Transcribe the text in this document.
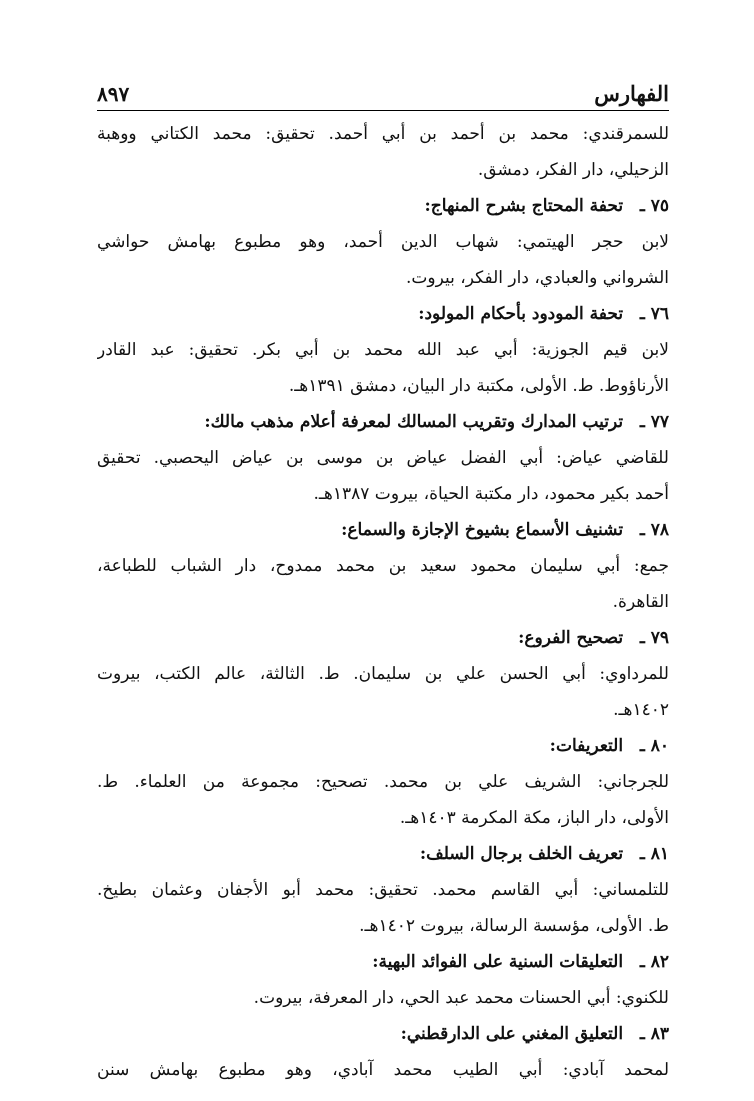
الفهارس
٨٩٧
للسمرقندي: محمد بن أحمد بن أبي أحمد. تحقيق: محمد الكتاني ووهبة
الزحيلي، دار الفكر، دمشق.
٧٥ ـ تحفة المحتاج بشرح المنهاج:
لابن حجر الهيتمي: شهاب الدين أحمد، وهو مطبوع بهامش حواشي
الشرواني والعبادي، دار الفكر، بيروت.
٧٦ ـ تحفة المودود بأحكام المولود:
لابن قيم الجوزية: أبي عبد الله محمد بن أبي بكر. تحقيق: عبد القادر
الأرناؤوط. ط. الأولى، مكتبة دار البيان، دمشق ١٣٩١هـ.
٧٧ ـ ترتيب المدارك وتقريب المسالك لمعرفة أعلام مذهب مالك:
للقاضي عياض: أبي الفضل عياض بن موسى بن عياض اليحصبي. تحقيق
أحمد بكير محمود، دار مكتبة الحياة، بيروت ١٣٨٧هـ.
٧٨ ـ تشنيف الأسماع بشيوخ الإجازة والسماع:
جمع: أبي سليمان محمود سعيد بن محمد ممدوح، دار الشباب للطباعة،
القاهرة.
٧٩ ـ تصحيح الفروع:
للمرداوي: أبي الحسن علي بن سليمان. ط. الثالثة، عالم الكتب، بيروت
١٤٠٢هـ.
٨٠ ـ التعريفات:
للجرجاني: الشريف علي بن محمد. تصحيح: مجموعة من العلماء. ط.
الأولى، دار الباز، مكة المكرمة ١٤٠٣هـ.
٨١ ـ تعريف الخلف برجال السلف:
للتلمساني: أبي القاسم محمد. تحقيق: محمد أبو الأجفان وعثمان بطيخ.
ط. الأولى، مؤسسة الرسالة، بيروت ١٤٠٢هـ.
٨٢ ـ التعليقات السنية على الفوائد البهية:
للكنوي: أبي الحسنات محمد عبد الحي، دار المعرفة، بيروت.
٨٣ ـ التعليق المغني على الدارقطني:
لمحمد آبادي: أبي الطيب محمد آبادي، وهو مطبوع بهامش سنن
